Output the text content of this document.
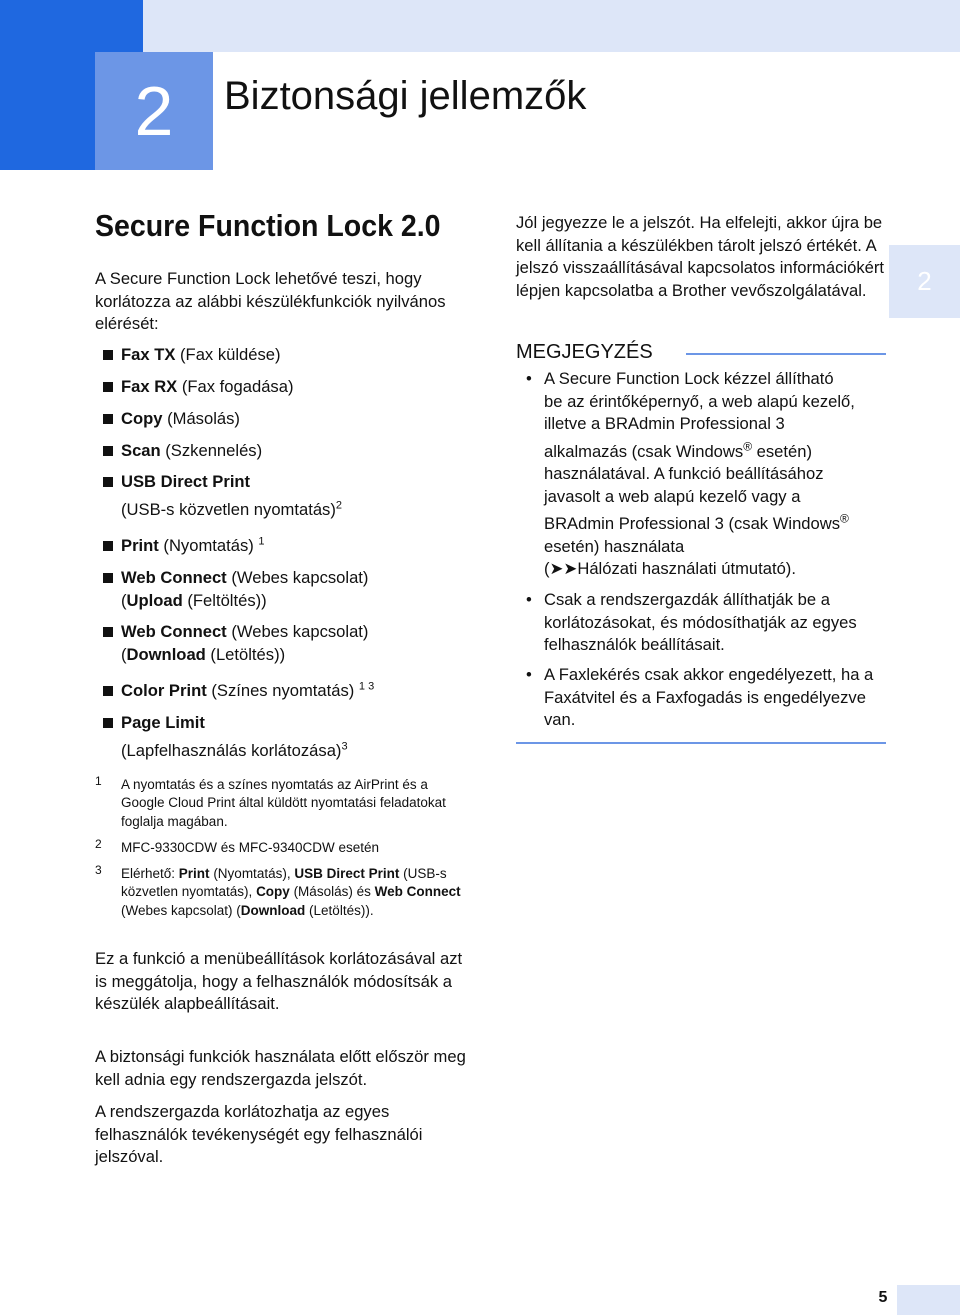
2	Biztonsági jellemzők
2
Secure Function Lock 2.0
A Secure Function Lock lehetővé teszi, hogy korlátozza az alábbi készülékfunkciók nyilvános elérését:
Fax TX (Fax küldése)
Fax RX (Fax fogadása)
Copy (Másolás)
Scan (Szkennelés)
USB Direct Print
(USB-s közvetlen nyomtatás)$^2$
Print (Nyomtatás) $^1$
Web Connect (Webes kapcsolat)
(Upload (Feltöltés))
Web Connect (Webes kapcsolat)
(Download (Letöltés))
Color Print (Színes nyomtatás) $^{1 3}$
Page Limit
(Lapfelhasználás korlátozása)$^3$
1	A nyomtatás és a színes nyomtatás az AirPrint és a Google Cloud Print által küldött nyomtatási feladatokat foglalja magában.
2	MFC-9330CDW és MFC-9340CDW esetén
3	Elérhető: Print (Nyomtatás), USB Direct Print (USB-s közvetlen nyomtatás), Copy (Másolás) és Web Connect (Webes kapcsolat) (Download (Letöltés)).
Ez a funkció a menübeállítások korlátozásával azt is meggátolja, hogy a felhasználók módosítsák a készülék alapbeállításait.
A biztonsági funkciók használata előtt először meg kell adnia egy rendszergazda jelszót.
A rendszergazda korlátozhatja az egyes felhasználók tevékenységét egy felhasználói jelszóval.
Jól jegyezze le a jelszót. Ha elfelejti, akkor újra be kell állítania a készülékben tárolt jelszó értékét. A jelszó visszaállításával kapcsolatos információkért lépjen kapcsolatba a Brother vevőszolgálatával.
MEGJEGYZÉS
• A Secure Function Lock kézzel állítható
be az érintőképernyő, a web alapú kezelő,
illetve a BRAdmin Professional 3
alkalmazás (csak Windows® esetén)
használatával. A funkció beállításához
javasolt a web alapú kezelő vagy a
BRAdmin Professional 3 (csak Windows®
esetén) használata
(➤➤Hálózati használati útmutató).
• Csak a rendszergazdák állíthatják be a korlátozásokat, és módosíthatják az egyes felhasználók beállításait.
• A Faxlekérés csak akkor engedélyezett, ha a Faxátvitel és a Faxfogadás is engedélyezve van.
5
